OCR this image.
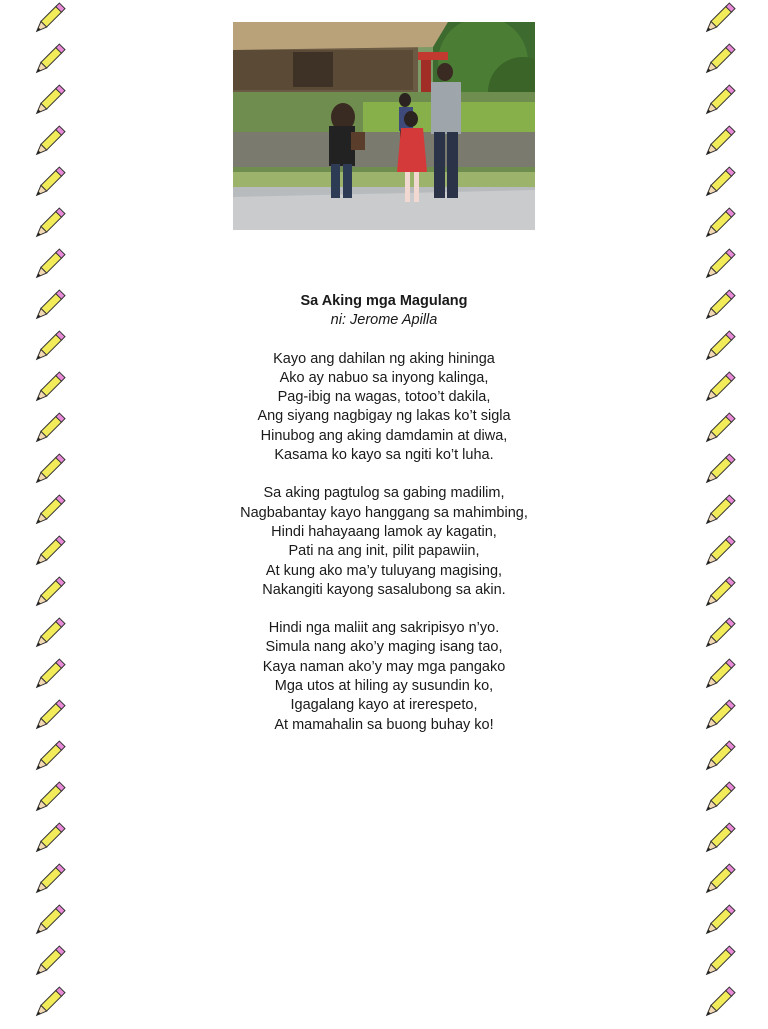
Sa Aking mga Magulang
ni: Jerome Apilla
Kayo ang dahilan ng aking hininga
Ako ay nabuo sa inyong kalinga,
Pag-ibig na wagas, totoo’t dakila,
Ang siyang nagbigay ng lakas ko’t sigla
Hinubog ang aking damdamin at diwa,
Kasama ko kayo sa ngiti ko’t luha.
Sa aking pagtulog sa gabing madilim,
Nagbabantay kayo hanggang sa mahimbing,
Hindi hahayaang lamok ay kagatin,
Pati na ang init, pilit papawiin,
At kung ako ma’y tuluyang magising,
Nakangiti kayong sasalubong sa akin.
Hindi nga maliit ang sakripisyo n’yo.
Simula nang ako’y maging isang tao,
Kaya naman ako’y may mga pangako
Mga utos at hiling ay susundin ko,
Igagalang kayo at irerespeto,
At mamahalin sa buong buhay ko!
